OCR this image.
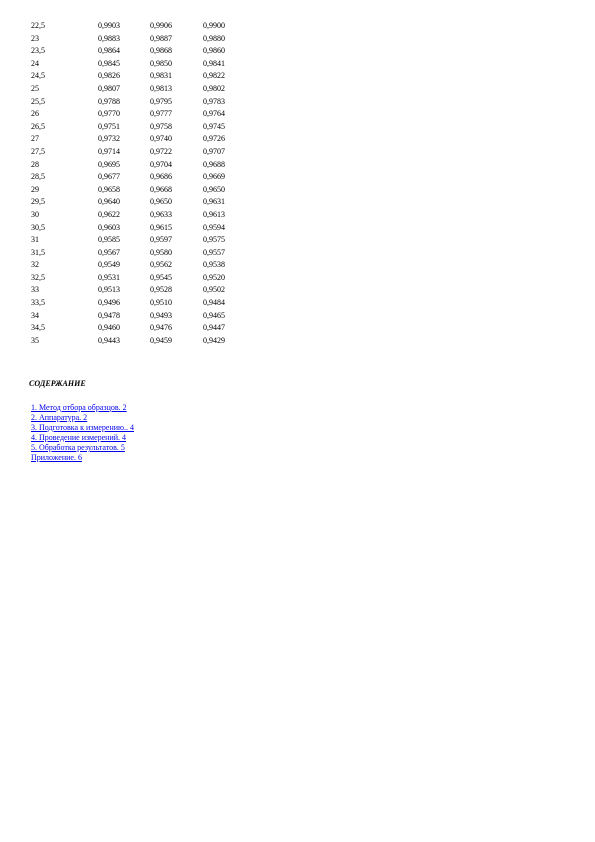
22,5	0,9903	0,9906	0,9900
23	0,9883	0,9887	0,9880
23,5	0,9864	0,9868	0,9860
24	0,9845	0,9850	0,9841
24,5	0,9826	0,9831	0,9822
25	0,9807	0,9813	0,9802
25,5	0,9788	0,9795	0,9783
26	0,9770	0,9777	0,9764
26,5	0,9751	0,9758	0,9745
27	0,9732	0,9740	0,9726
27,5	0,9714	0,9722	0,9707
28	0,9695	0,9704	0,9688
28,5	0,9677	0,9686	0,9669
29	0,9658	0,9668	0,9650
29,5	0,9640	0,9650	0,9631
30	0,9622	0,9633	0,9613
30,5	0,9603	0,9615	0,9594
31	0,9585	0,9597	0,9575
31,5	0,9567	0,9580	0,9557
32	0,9549	0,9562	0,9538
32,5	0,9531	0,9545	0,9520
33	0,9513	0,9528	0,9502
33,5	0,9496	0,9510	0,9484
34	0,9478	0,9493	0,9465
34,5	0,9460	0,9476	0,9447
35	0,9443	0,9459	0,9429
СОДЕРЖАНИЕ
1. Метод отбора образцов. 2
2. Аппаратура. 2
3. Подготовка к измерению.. 4
4. Проведение измерений. 4
5. Обработка результатов. 5
Приложение. 6
